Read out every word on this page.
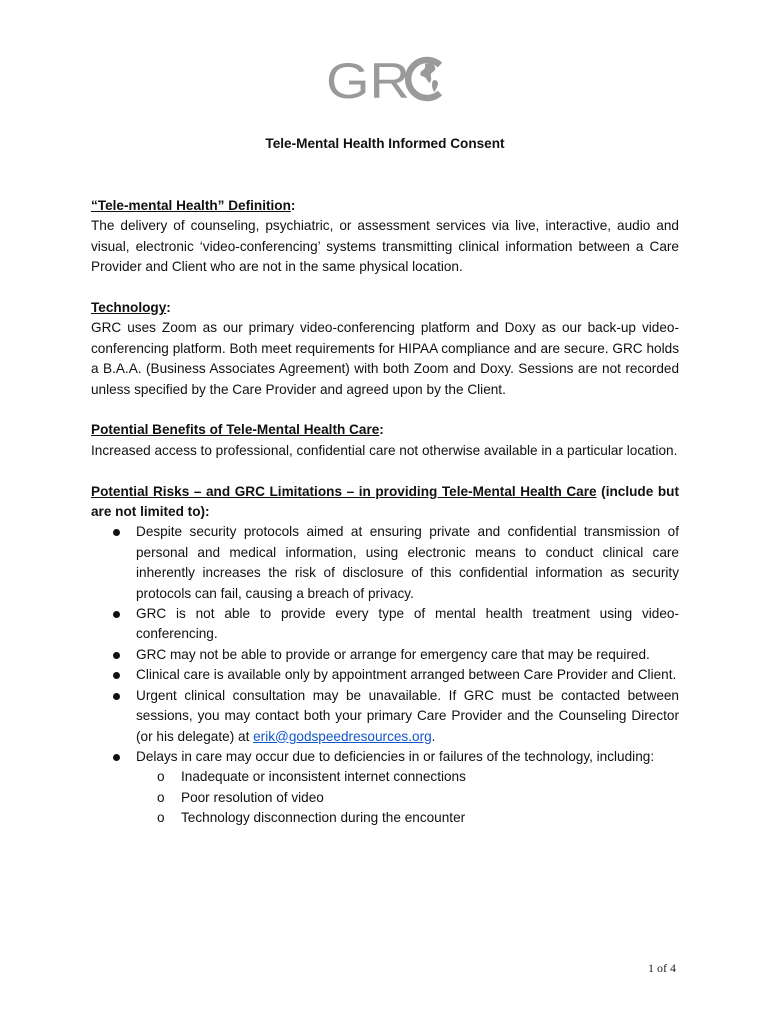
GR
Tele-Mental Health Informed Consent
“Tele-mental Health” Definition:
The delivery of counseling, psychiatric, or assessment services via live, interactive, audio and visual, electronic ‘video-conferencing’ systems transmitting clinical information between a Care Provider and Client who are not in the same physical location.
Technology:
GRC uses Zoom as our primary video-conferencing platform and Doxy as our back-up video-conferencing platform. Both meet requirements for HIPAA compliance and are secure. GRC holds a B.A.A. (Business Associates Agreement) with both Zoom and Doxy. Sessions are not recorded unless specified by the Care Provider and agreed upon by the Client.
Potential Benefits of Tele-Mental Health Care:
Increased access to professional, confidential care not otherwise available in a particular location.
Potential Risks – and GRC Limitations – in providing Tele-Mental Health Care (include but are not limited to):
Despite security protocols aimed at ensuring private and confidential transmission of personal and medical information, using electronic means to conduct clinical care inherently increases the risk of disclosure of this confidential information as security protocols can fail, causing a breach of privacy.
GRC is not able to provide every type of mental health treatment using video-conferencing.
GRC may not be able to provide or arrange for emergency care that may be required.
Clinical care is available only by appointment arranged between Care Provider and Client.
Urgent clinical consultation may be unavailable. If GRC must be contacted between sessions, you may contact both your primary Care Provider and the Counseling Director (or his delegate) at erik@godspeedresources.org.
Delays in care may occur due to deficiencies in or failures of the technology, including:
o Inadequate or inconsistent internet connections
o Poor resolution of video
o Technology disconnection during the encounter
1 of 4
